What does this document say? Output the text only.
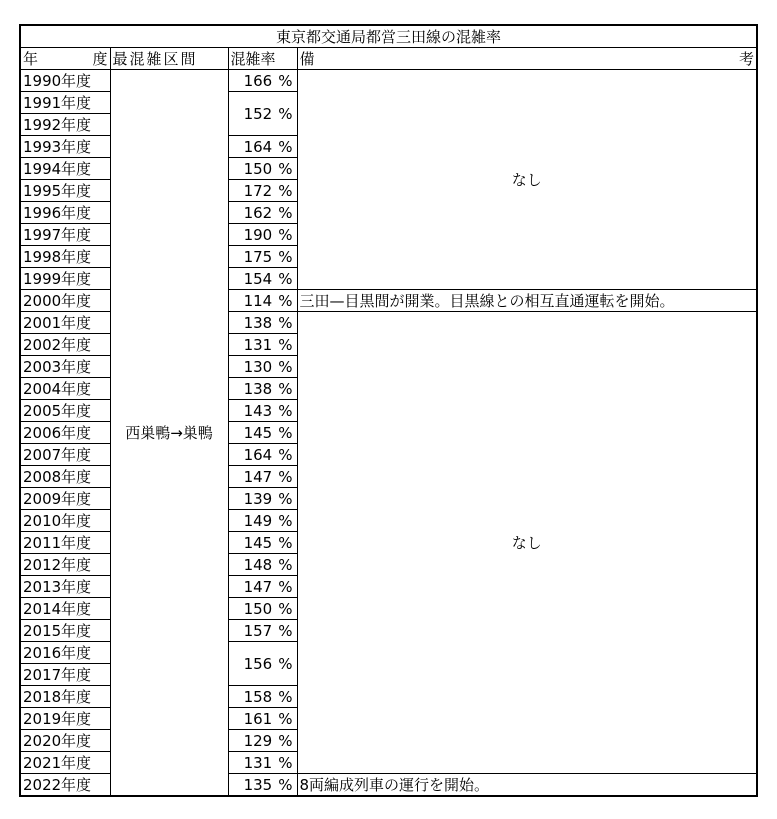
東京都交通局都営三田線の混雑率			
年 度	最混雑区間	混雑率	備 考

1990年度	西巣鴨→巣鴨	166 %	なし
1991年度		152 %	
1992年度			
1993年度		164 %	
1994年度		150 %	
1995年度		172 %	
1996年度		162 %	
1997年度		190 %	
1998年度		175 %	
1999年度		154 %	
2000年度		114 %	三田—目黒間が開業。目黒線との相互直通運転を開始。
2001年度		138 %	なし
2002年度		131 %	
2003年度		130 %	
2004年度		138 %	
2005年度		143 %	
2006年度		145 %	
2007年度		164 %	
2008年度		147 %	
2009年度		139 %	
2010年度		149 %	
2011年度		145 %	
2012年度		148 %	
2013年度		147 %	
2014年度		150 %	
2015年度		157 %	
2016年度		156 %	
2017年度			
2018年度		158 %	
2019年度		161 %	
2020年度		129 %	
2021年度		131 %	
2022年度		135 %	8両編成列車の運行を開始。
